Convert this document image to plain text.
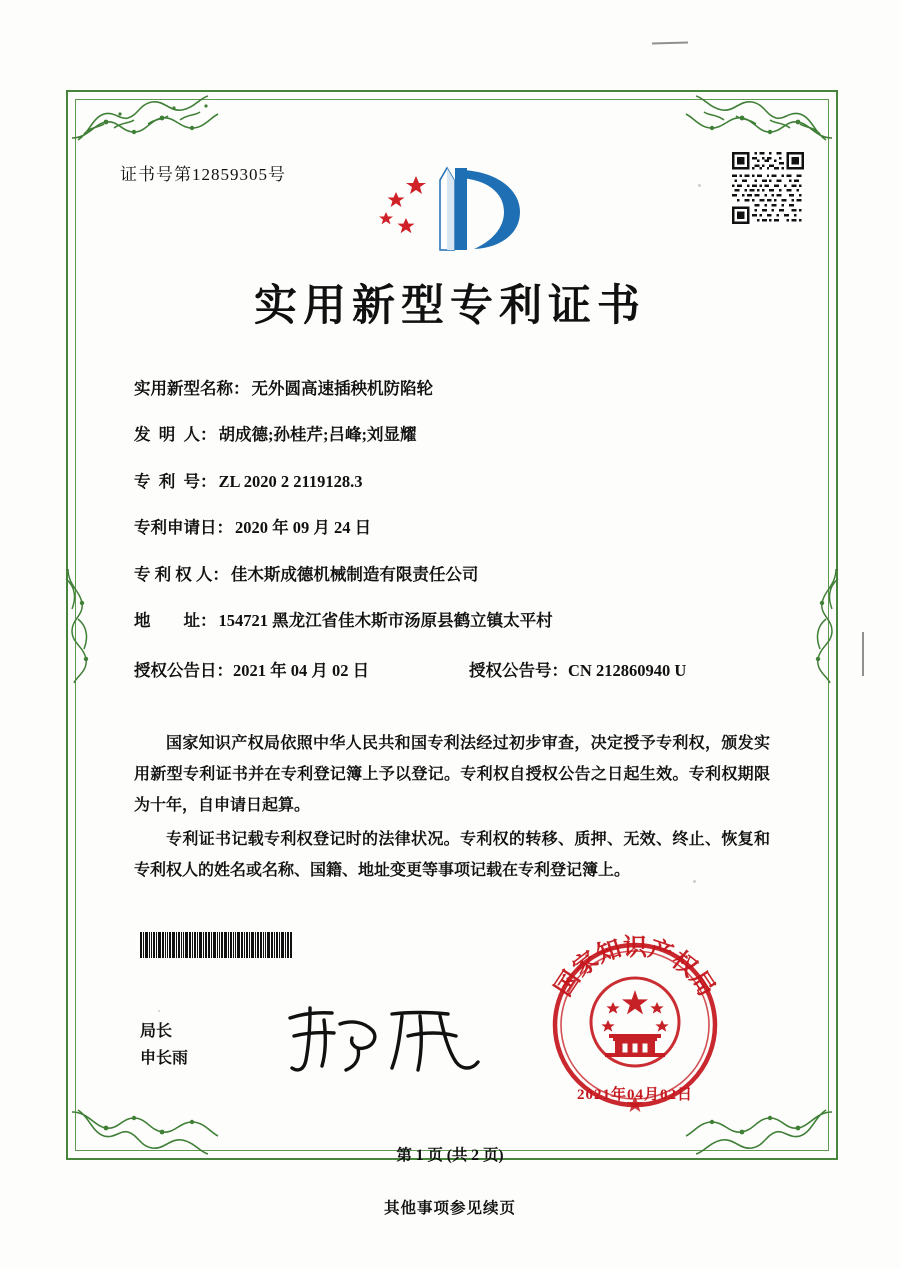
证书号第12859305号
实用新型专利证书
实用新型名称： 无外圆高速插秧机防陷轮
发  明  人： 胡成德;孙桂芹;吕峰;刘显耀
专  利  号： ZL 2020 2 2119128.3
专利申请日： 2020 年 09 月 24 日
专 利 权 人： 佳木斯成德机械制造有限责任公司
地        址： 154721 黑龙江省佳木斯市汤原县鹤立镇太平村
授权公告日：2021 年 04 月 02 日	授权公告号：CN 212860940 U

国家知识产权局依照中华人民共和国专利法经过初步审查，决定授予专利权，颁发实用新型专利证书并在专利登记簿上予以登记。专利权自授权公告之日起生效。专利权期限为十年，自申请日起算。

专利证书记载专利权登记时的法律状况。专利权的转移、质押、无效、终止、恢复和专利权人的姓名或名称、国籍、地址变更等事项记载在专利登记簿上。

局长
申长雨
国家知识产权局
2021年04月02日
第 1 页 (共 2 页)
其他事项参见续页
